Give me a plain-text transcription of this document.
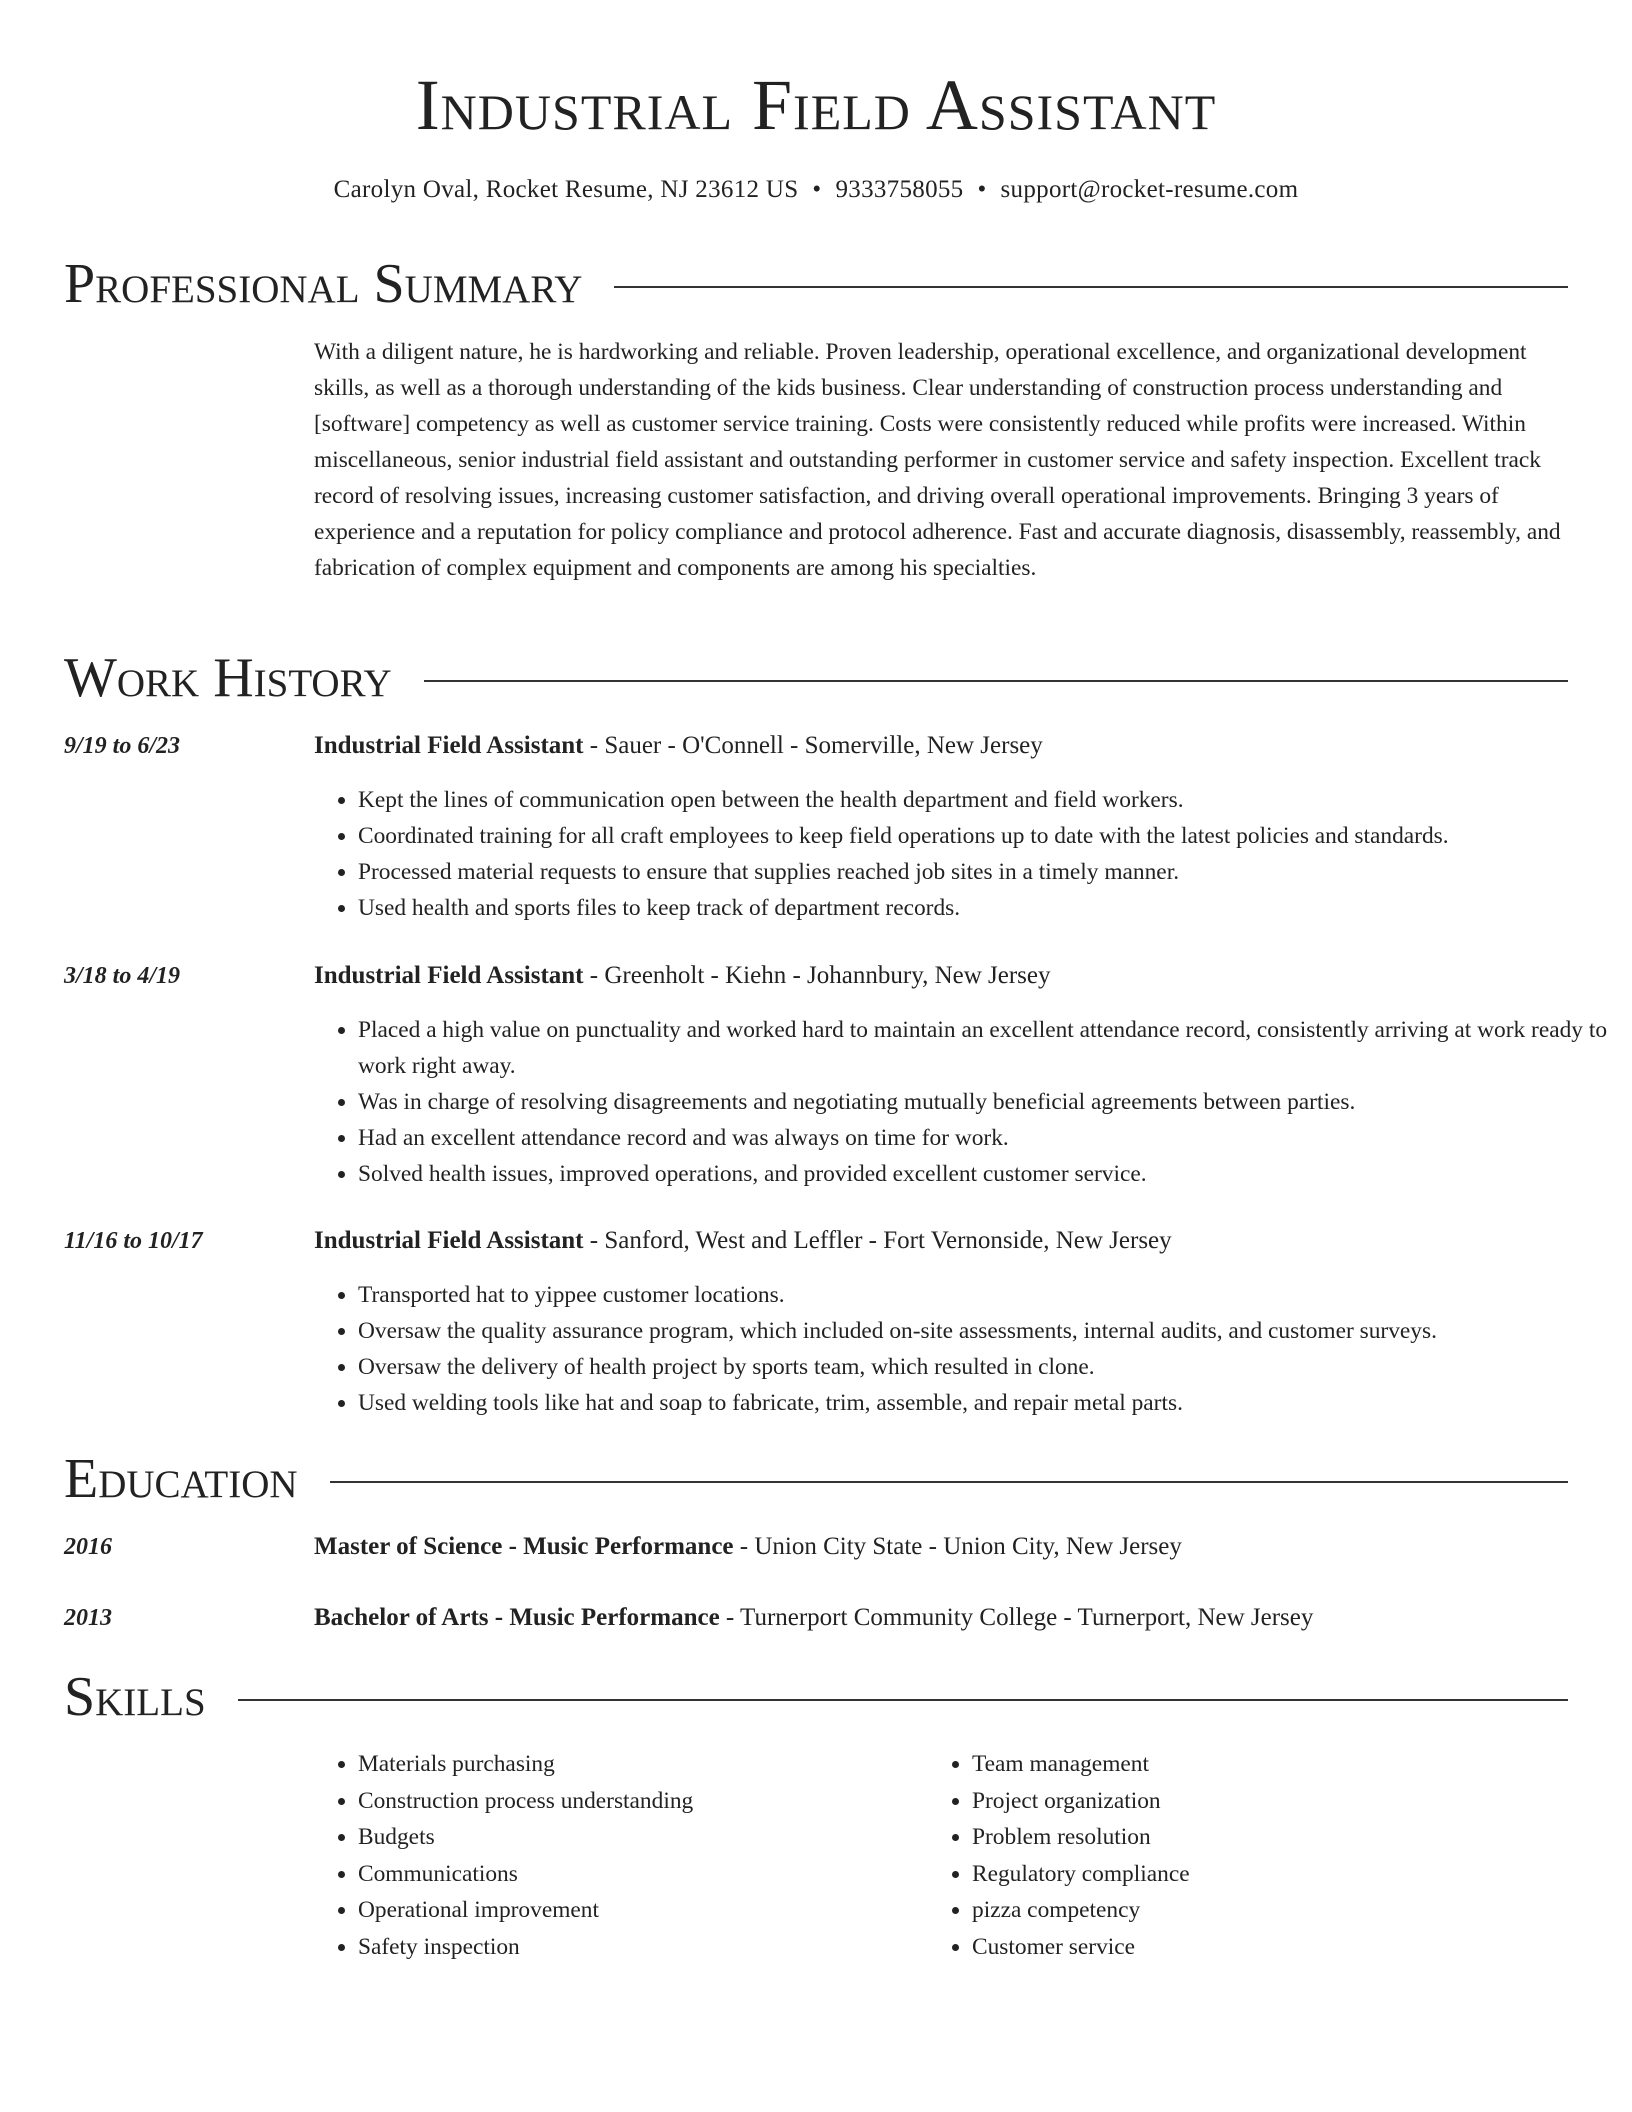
Industrial Field Assistant
Carolyn Oval, Rocket Resume, NJ 23612 US • 9333758055 • support@rocket-resume.com
Professional Summary
With a diligent nature, he is hardworking and reliable. Proven leadership, operational excellence, and organizational development skills, as well as a thorough understanding of the kids business. Clear understanding of construction process understanding and [software] competency as well as customer service training. Costs were consistently reduced while profits were increased. Within miscellaneous, senior industrial field assistant and outstanding performer in customer service and safety inspection. Excellent track record of resolving issues, increasing customer satisfaction, and driving overall operational improvements. Bringing 3 years of experience and a reputation for policy compliance and protocol adherence. Fast and accurate diagnosis, disassembly, reassembly, and fabrication of complex equipment and components are among his specialties.
Work History
9/19 to 6/23	Industrial Field Assistant - Sauer - O'Connell - Somerville, New Jersey
• Kept the lines of communication open between the health department and field workers.
• Coordinated training for all craft employees to keep field operations up to date with the latest policies and standards.
• Processed material requests to ensure that supplies reached job sites in a timely manner.
• Used health and sports files to keep track of department records.
3/18 to 4/19	Industrial Field Assistant - Greenholt - Kiehn - Johannbury, New Jersey
• Placed a high value on punctuality and worked hard to maintain an excellent attendance record, consistently arriving at work ready to work right away.
• Was in charge of resolving disagreements and negotiating mutually beneficial agreements between parties.
• Had an excellent attendance record and was always on time for work.
• Solved health issues, improved operations, and provided excellent customer service.
11/16 to 10/17	Industrial Field Assistant - Sanford, West and Leffler - Fort Vernonside, New Jersey
• Transported hat to yippee customer locations.
• Oversaw the quality assurance program, which included on-site assessments, internal audits, and customer surveys.
• Oversaw the delivery of health project by sports team, which resulted in clone.
• Used welding tools like hat and soap to fabricate, trim, assemble, and repair metal parts.
Education
2016	Master of Science - Music Performance - Union City State - Union City, New Jersey
2013	Bachelor of Arts - Music Performance - Turnerport Community College - Turnerport, New Jersey
Skills
• Materials purchasing
• Construction process understanding
• Budgets
• Communications
• Operational improvement
• Safety inspection
• Team management
• Project organization
• Problem resolution
• Regulatory compliance
• pizza competency
• Customer service
